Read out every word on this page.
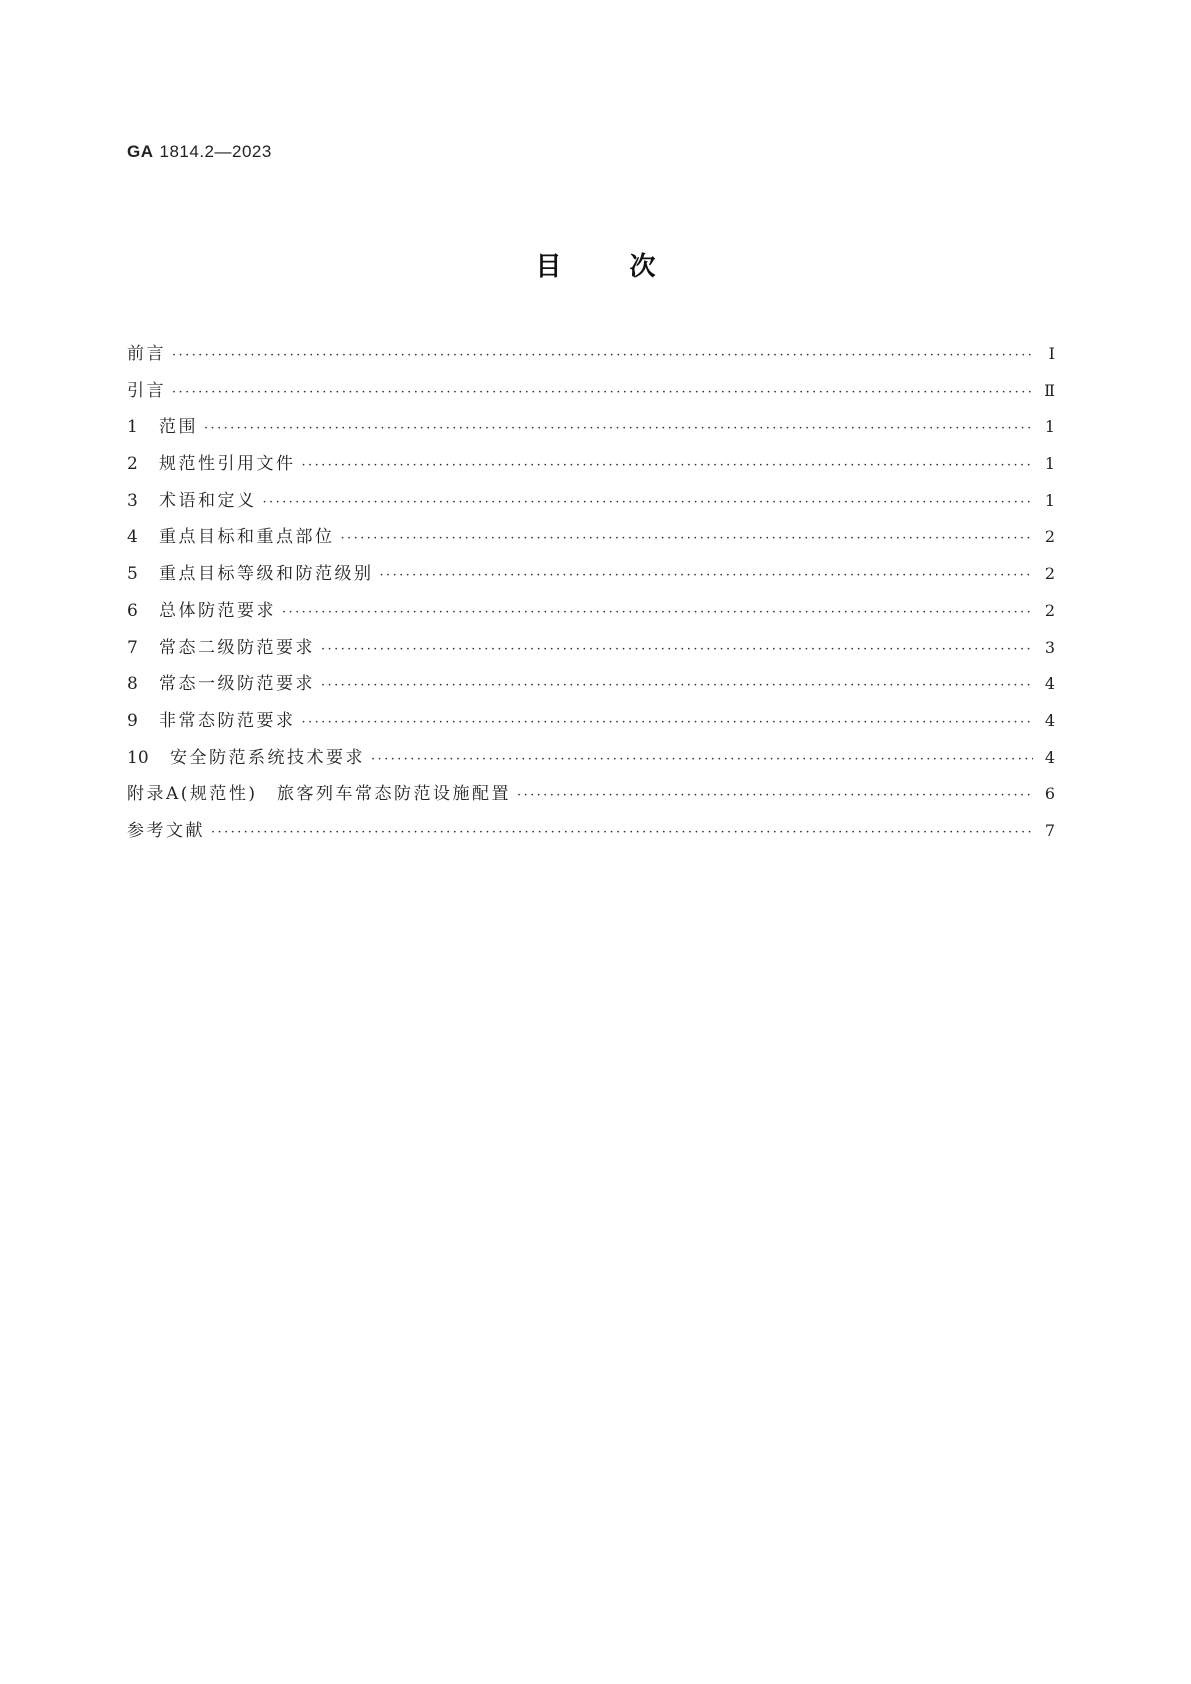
GA 1814.2—2023
目次
前言 ·····	Ⅰ
引言 ·····	Ⅱ
1	范围 ·····	1
2	规范性引用文件 ·····	1
3	术语和定义 ·····	1
4	重点目标和重点部位 ·····	2
5	重点目标等级和防范级别 ·····	2
6	总体防范要求 ·····	2
7	常态二级防范要求 ·····	3
8	常态一级防范要求 ·····	4
9	非常态防范要求 ·····	4
10	安全防范系统技术要求 ·····	4
附录A(规范性)　旅客列车常态防范设施配置 ·····	6
参考文献 ·····	7
